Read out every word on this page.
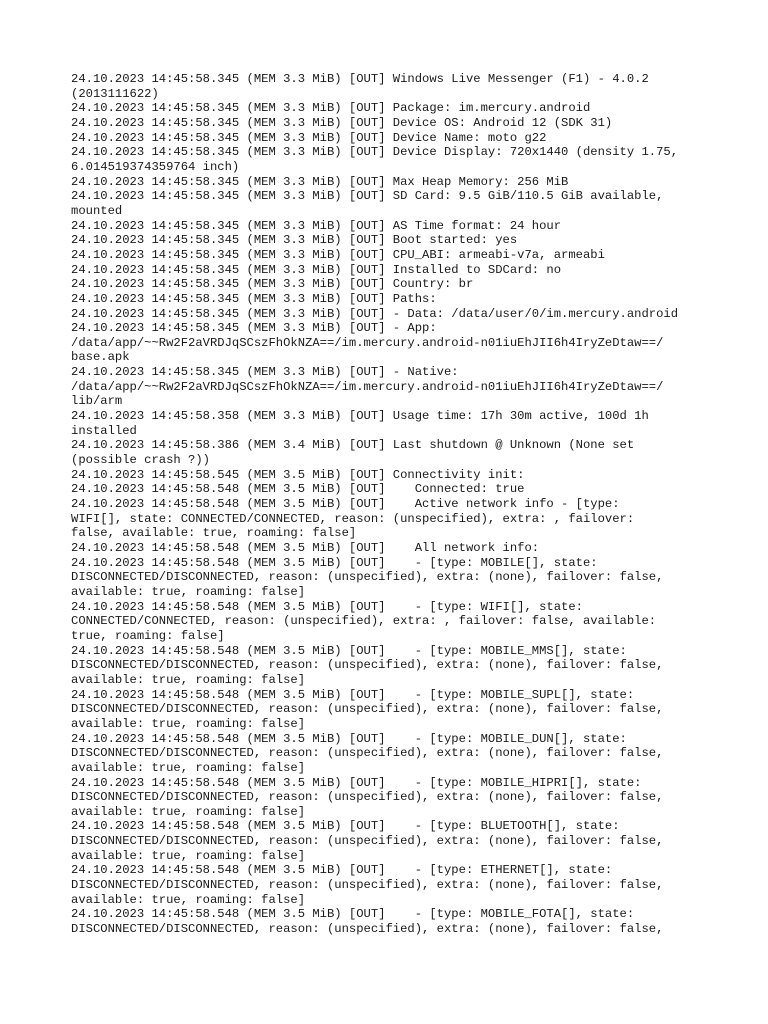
24.10.2023 14:45:58.345 (MEM 3.3 MiB) [OUT] Windows Live Messenger (F1) - 4.0.2
(2013111622)
24.10.2023 14:45:58.345 (MEM 3.3 MiB) [OUT] Package: im.mercury.android
24.10.2023 14:45:58.345 (MEM 3.3 MiB) [OUT] Device OS: Android 12 (SDK 31)
24.10.2023 14:45:58.345 (MEM 3.3 MiB) [OUT] Device Name: moto g22
24.10.2023 14:45:58.345 (MEM 3.3 MiB) [OUT] Device Display: 720x1440 (density 1.75,
6.014519374359764 inch)
24.10.2023 14:45:58.345 (MEM 3.3 MiB) [OUT] Max Heap Memory: 256 MiB
24.10.2023 14:45:58.345 (MEM 3.3 MiB) [OUT] SD Card: 9.5 GiB/110.5 GiB available,
mounted
24.10.2023 14:45:58.345 (MEM 3.3 MiB) [OUT] AS Time format: 24 hour
24.10.2023 14:45:58.345 (MEM 3.3 MiB) [OUT] Boot started: yes
24.10.2023 14:45:58.345 (MEM 3.3 MiB) [OUT] CPU_ABI: armeabi-v7a, armeabi
24.10.2023 14:45:58.345 (MEM 3.3 MiB) [OUT] Installed to SDCard: no
24.10.2023 14:45:58.345 (MEM 3.3 MiB) [OUT] Country: br
24.10.2023 14:45:58.345 (MEM 3.3 MiB) [OUT] Paths:
24.10.2023 14:45:58.345 (MEM 3.3 MiB) [OUT] - Data: /data/user/0/im.mercury.android
24.10.2023 14:45:58.345 (MEM 3.3 MiB) [OUT] - App:
/data/app/~~Rw2F2aVRDJqSCszFhOkNZA==/im.mercury.android-n01iuEhJII6h4IryZeDtaw==/
base.apk
24.10.2023 14:45:58.345 (MEM 3.3 MiB) [OUT] - Native:
/data/app/~~Rw2F2aVRDJqSCszFhOkNZA==/im.mercury.android-n01iuEhJII6h4IryZeDtaw==/
lib/arm
24.10.2023 14:45:58.358 (MEM 3.3 MiB) [OUT] Usage time: 17h 30m active, 100d 1h
installed
24.10.2023 14:45:58.386 (MEM 3.4 MiB) [OUT] Last shutdown @ Unknown (None set
(possible crash ?))
24.10.2023 14:45:58.545 (MEM 3.5 MiB) [OUT] Connectivity init:
24.10.2023 14:45:58.548 (MEM 3.5 MiB) [OUT]    Connected: true
24.10.2023 14:45:58.548 (MEM 3.5 MiB) [OUT]    Active network info - [type:
WIFI[], state: CONNECTED/CONNECTED, reason: (unspecified), extra: , failover:
false, available: true, roaming: false]
24.10.2023 14:45:58.548 (MEM 3.5 MiB) [OUT]    All network info:
24.10.2023 14:45:58.548 (MEM 3.5 MiB) [OUT]    - [type: MOBILE[], state:
DISCONNECTED/DISCONNECTED, reason: (unspecified), extra: (none), failover: false,
available: true, roaming: false]
24.10.2023 14:45:58.548 (MEM 3.5 MiB) [OUT]    - [type: WIFI[], state:
CONNECTED/CONNECTED, reason: (unspecified), extra: , failover: false, available:
true, roaming: false]
24.10.2023 14:45:58.548 (MEM 3.5 MiB) [OUT]    - [type: MOBILE_MMS[], state:
DISCONNECTED/DISCONNECTED, reason: (unspecified), extra: (none), failover: false,
available: true, roaming: false]
24.10.2023 14:45:58.548 (MEM 3.5 MiB) [OUT]    - [type: MOBILE_SUPL[], state:
DISCONNECTED/DISCONNECTED, reason: (unspecified), extra: (none), failover: false,
available: true, roaming: false]
24.10.2023 14:45:58.548 (MEM 3.5 MiB) [OUT]    - [type: MOBILE_DUN[], state:
DISCONNECTED/DISCONNECTED, reason: (unspecified), extra: (none), failover: false,
available: true, roaming: false]
24.10.2023 14:45:58.548 (MEM 3.5 MiB) [OUT]    - [type: MOBILE_HIPRI[], state:
DISCONNECTED/DISCONNECTED, reason: (unspecified), extra: (none), failover: false,
available: true, roaming: false]
24.10.2023 14:45:58.548 (MEM 3.5 MiB) [OUT]    - [type: BLUETOOTH[], state:
DISCONNECTED/DISCONNECTED, reason: (unspecified), extra: (none), failover: false,
available: true, roaming: false]
24.10.2023 14:45:58.548 (MEM 3.5 MiB) [OUT]    - [type: ETHERNET[], state:
DISCONNECTED/DISCONNECTED, reason: (unspecified), extra: (none), failover: false,
available: true, roaming: false]
24.10.2023 14:45:58.548 (MEM 3.5 MiB) [OUT]    - [type: MOBILE_FOTA[], state:
DISCONNECTED/DISCONNECTED, reason: (unspecified), extra: (none), failover: false,
